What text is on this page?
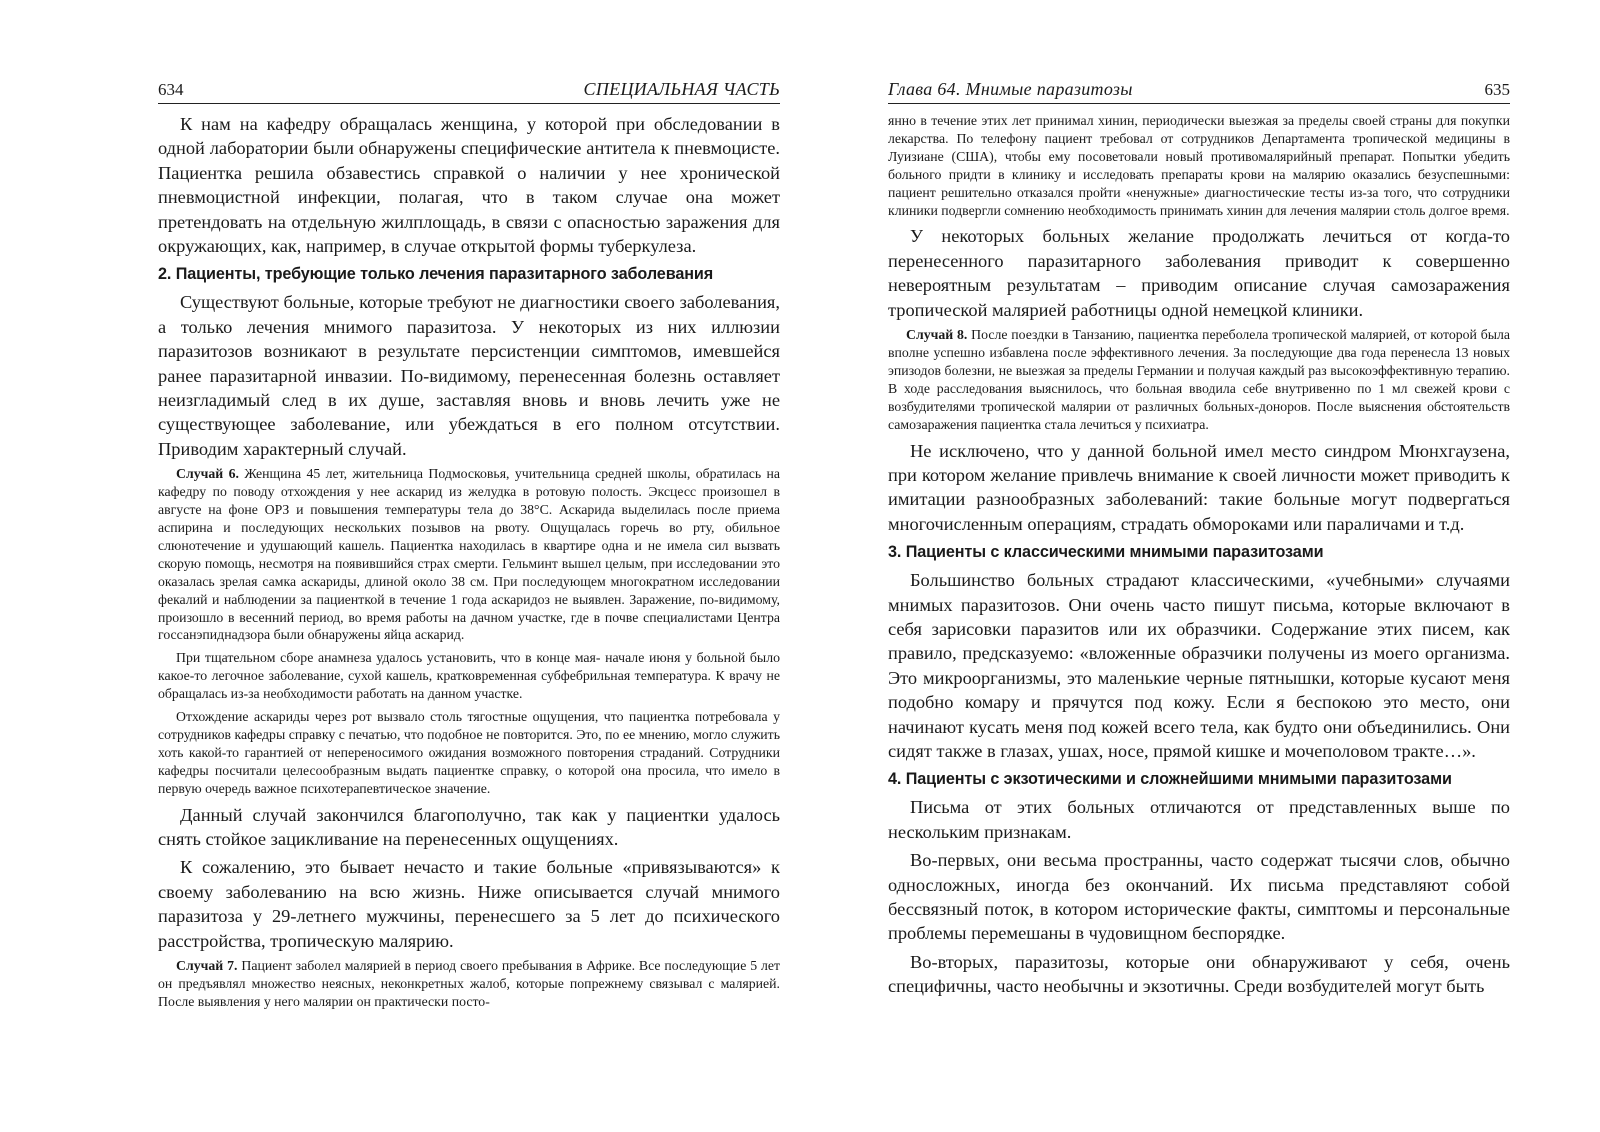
634	СПЕЦИАЛЬНАЯ ЧАСТЬ

К нам на кафедру обращалась женщина, у которой при обследовании в одной лаборатории были обнаружены специфические антитела к пневмоцисте. Пациентка решила обзавестись справкой о наличии у нее хронической пневмоцистной инфекции, полагая, что в таком случае она может претендовать на отдельную жилплощадь, в связи с опасностью заражения для окружающих, как, например, в случае открытой формы туберкулеза.

2. Пациенты, требующие только лечения паразитарного заболевания

Существуют больные, которые требуют не диагностики своего заболевания, а только лечения мнимого паразитоза. У некоторых из них иллюзии паразитозов возникают в результате персистенции симптомов, имевшейся ранее паразитарной инвазии. По-видимому, перенесенная болезнь оставляет неизгладимый след в их душе, заставляя вновь и вновь лечить уже не существующее заболевание, или убеждаться в его полном отсутствии. Приводим характерный случай.

Случай 6. Женщина 45 лет, жительница Подмосковья, учительница средней школы, обратилась на кафедру по поводу отхождения у нее аскарид из желудка в ротовую полость. Эксцесс произошел в августе на фоне ОРЗ и повышения температуры тела до 38°С. Аскарида выделилась после приема аспирина и последующих нескольких позывов на рвоту. Ощущалась горечь во рту, обильное слюнотечение и удушающий кашель. Пациентка находилась в квартире одна и не имела сил вызвать скорую помощь, несмотря на появившийся страх смерти. Гельминт вышел целым, при исследовании это оказалась зрелая самка аскариды, длиной около 38 см. При последующем многократном исследовании фекалий и наблюдении за пациенткой в течение 1 года аскаридоз не выявлен. Заражение, по-видимому, произошло в весенний период, во время работы на дачном участке, где в почве специалистами Центра госсанэпиднадзора были обнаружены яйца аскарид.

При тщательном сборе анамнеза удалось установить, что в конце мая- начале июня у больной было какое-то легочное заболевание, сухой кашель, кратковременная субфебрильная температура. К врачу не обращалась из-за необходимости работать на данном участке.

Отхождение аскариды через рот вызвало столь тягостные ощущения, что пациентка потребовала у сотрудников кафедры справку с печатью, что подобное не повторится. Это, по ее мнению, могло служить хоть какой-то гарантией от непереносимого ожидания возможного повторения страданий. Сотрудники кафедры посчитали целесообразным выдать пациентке справку, о которой она просила, что имело в первую очередь важное психотерапевтическое значение.

Данный случай закончился благополучно, так как у пациентки удалось снять стойкое зацикливание на перенесенных ощущениях.

К сожалению, это бывает нечасто и такие больные «привязываются» к своему заболеванию на всю жизнь. Ниже описывается случай мнимого паразитоза у 29-летнего мужчины, перенесшего за 5 лет до психического расстройства, тропическую малярию.

Случай 7. Пациент заболел малярией в период своего пребывания в Африке. Все последующие 5 лет он предъявлял множество неясных, неконкретных жалоб, которые попрежнему связывал с малярией. После выявления у него малярии он практически посто-

Глава 64. Мнимые паразитозы	635

янно в течение этих лет принимал хинин, периодически выезжая за пределы своей страны для покупки лекарства. По телефону пациент требовал от сотрудников Департамента тропической медицины в Луизиане (США), чтобы ему посоветовали новый противомалярийный препарат. Попытки убедить больного придти в клинику и исследовать препараты крови на малярию оказались безуспешными: пациент решительно отказался пройти «ненужные» диагностические тесты из-за того, что сотрудники клиники подвергли сомнению необходимость принимать хинин для лечения малярии столь долгое время.

У некоторых больных желание продолжать лечиться от когда-то перенесенного паразитарного заболевания приводит к совершенно невероятным результатам – приводим описание случая самозаражения тропической малярией работницы одной немецкой клиники.

Случай 8. После поездки в Танзанию, пациентка переболела тропической малярией, от которой была вполне успешно избавлена после эффективного лечения. За последующие два года перенесла 13 новых эпизодов болезни, не выезжая за пределы Германии и получая каждый раз высокоэффективную терапию. В ходе расследования выяснилось, что больная вводила себе внутривенно по 1 мл свежей крови с возбудителями тропической малярии от различных больных-доноров. После выяснения обстоятельств самозаражения пациентка стала лечиться у психиатра.

Не исключено, что у данной больной имел место синдром Мюнхгаузена, при котором желание привлечь внимание к своей личности может приводить к имитации разнообразных заболеваний: такие больные могут подвергаться многочисленным операциям, страдать обмороками или параличами и т.д.

3. Пациенты с классическими мнимыми паразитозами

Большинство больных страдают классическими, «учебными» случаями мнимых паразитозов. Они очень часто пишут письма, которые включают в себя зарисовки паразитов или их образчики. Содержание этих писем, как правило, предсказуемо: «вложенные образчики получены из моего организма. Это микроорганизмы, это маленькие черные пятнышки, которые кусают меня подобно комару и прячутся под кожу. Если я беспокою это место, они начинают кусать меня под кожей всего тела, как будто они объединились. Они сидят также в глазах, ушах, носе, прямой кишке и мочеполовом тракте…».

4. Пациенты с экзотическими и сложнейшими мнимыми паразитозами

Письма от этих больных отличаются от представленных выше по нескольким признакам.

Во-первых, они весьма пространны, часто содержат тысячи слов, обычно односложных, иногда без окончаний. Их письма представляют собой бессвязный поток, в котором исторические факты, симптомы и персональные проблемы перемешаны в чудовищном беспорядке.

Во-вторых, паразитозы, которые они обнаруживают у себя, очень специфичны, часто необычны и экзотичны. Среди возбудителей могут быть
